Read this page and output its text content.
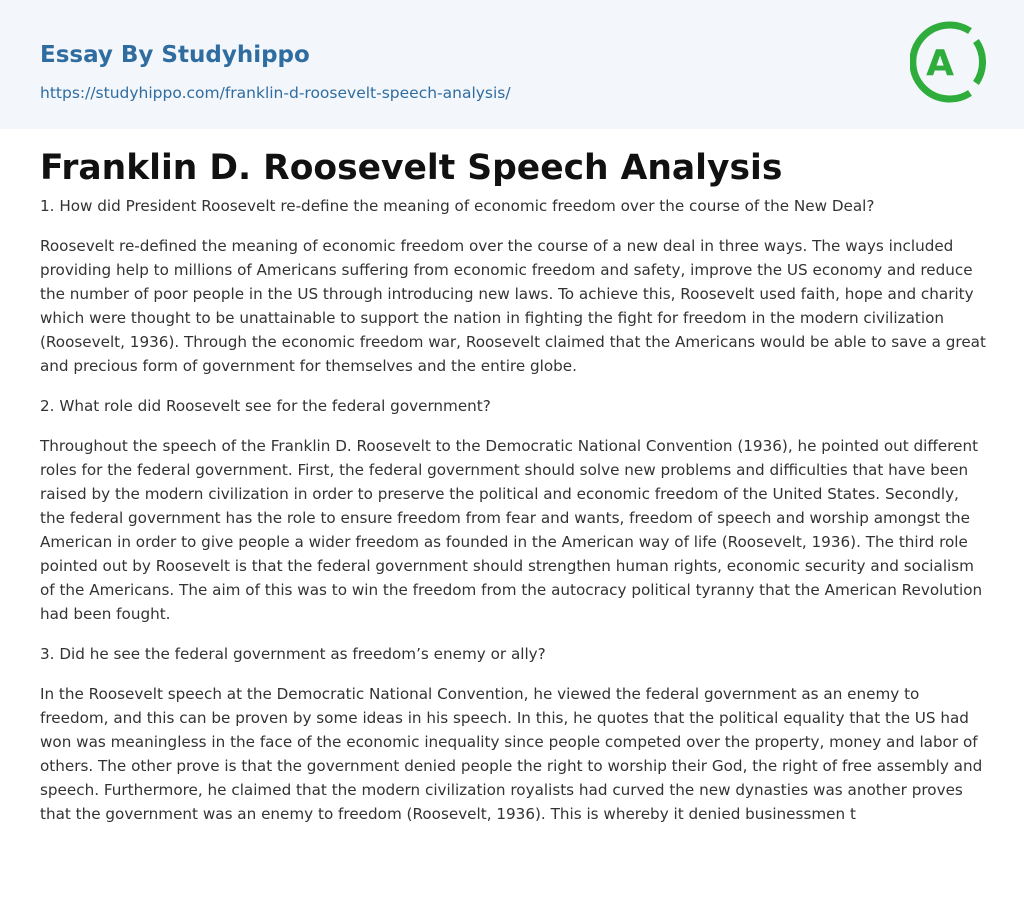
Essay By Studyhippo
https://studyhippo.com/franklin-d-roosevelt-speech-analysis/
A
Franklin D. Roosevelt Speech Analysis

1. How did President Roosevelt re-define the meaning of economic freedom over the course of the New Deal?

Roosevelt re-defined the meaning of economic freedom over the course of a new deal in three ways. The ways included providing help to millions of Americans suffering from economic freedom and safety, improve the US economy and reduce the number of poor people in the US through introducing new laws. To achieve this, Roosevelt used faith, hope and charity which were thought to be unattainable to support the nation in fighting the fight for freedom in the modern civilization (Roosevelt, 1936). Through the economic freedom war, Roosevelt claimed that the Americans would be able to save a great and precious form of government for themselves and the entire globe.

2. What role did Roosevelt see for the federal government?

Throughout the speech of the Franklin D. Roosevelt to the Democratic National Convention (1936), he pointed out different roles for the federal government. First, the federal government should solve new problems and difficulties that have been raised by the modern civilization in order to preserve the political and economic freedom of the United States. Secondly, the federal government has the role to ensure freedom from fear and wants, freedom of speech and worship amongst the American in order to give people a wider freedom as founded in the American way of life (Roosevelt, 1936). The third role pointed out by Roosevelt is that the federal government should strengthen human rights, economic security and socialism of the Americans. The aim of this was to win the freedom from the autocracy political tyranny that the American Revolution had been fought.

3. Did he see the federal government as freedom’s enemy or ally?

In the Roosevelt speech at the Democratic National Convention, he viewed the federal government as an enemy to freedom, and this can be proven by some ideas in his speech. In this, he quotes that the political equality that the US had won was meaningless in the face of the economic inequality since people competed over the property, money and labor of others. The other prove is that the government denied people the right to worship their God, the right of free assembly and speech. Furthermore, he claimed that the modern civilization royalists had curved the new dynasties was another proves that the government was an enemy to freedom (Roosevelt, 1936). This is whereby it denied businessmen t
